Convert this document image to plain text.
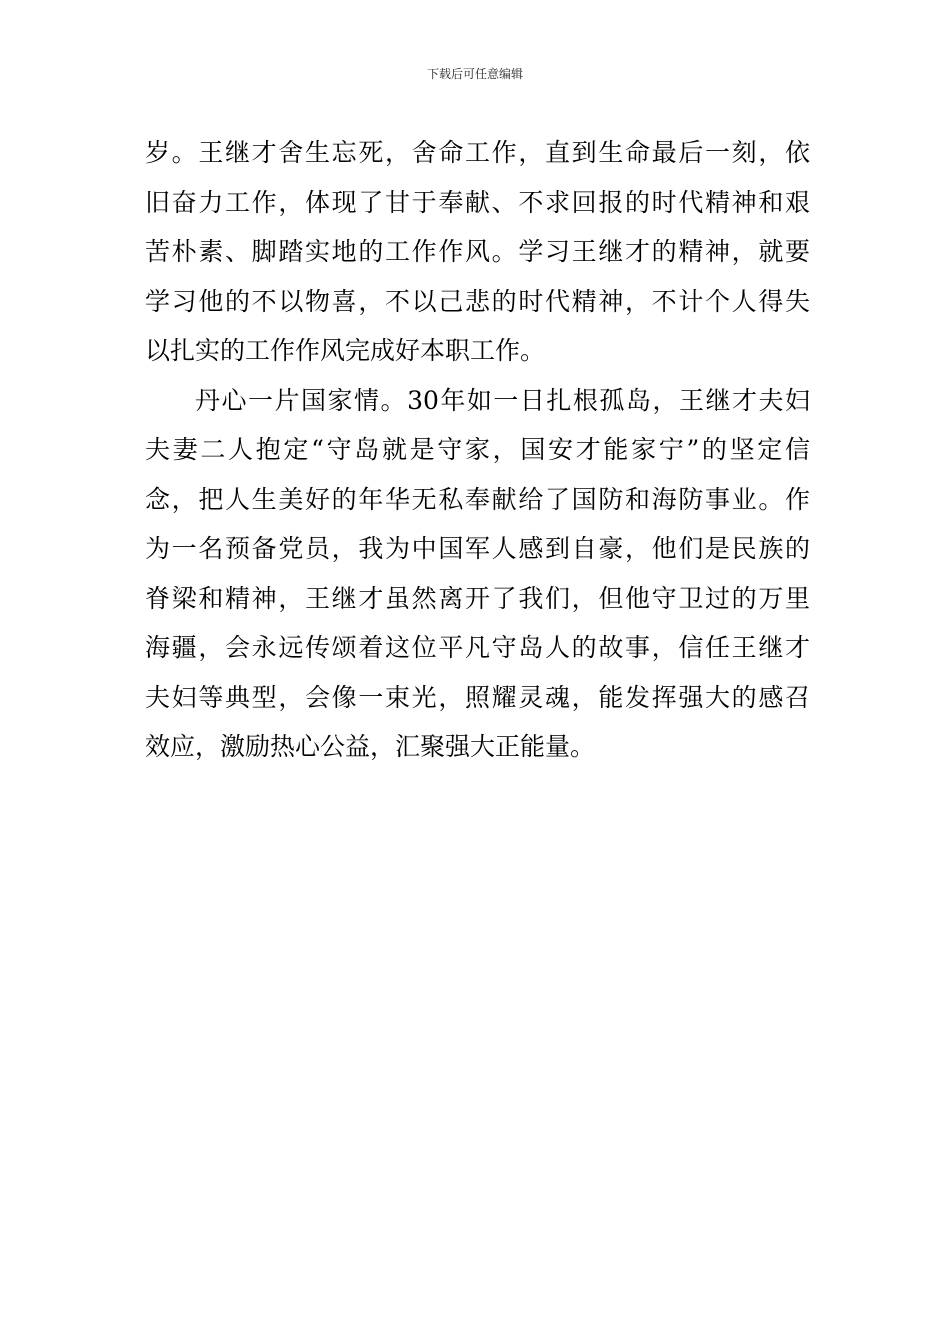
下载后可任意编辑
岁。王继才舍生忘死，舍命工作，直到生命最后一刻，依
旧奋力工作，体现了甘于奉献、不求回报的时代精神和艰
苦朴素、脚踏实地的工作作风。学习王继才的精神，就要
学习他的不以物喜，不以己悲的时代精神，不计个人得失
以扎实的工作作风完成好本职工作。
丹心一片国家情。30年如一日扎根孤岛，王继才夫妇
夫妻二人抱定“守岛就是守家，国安才能家宁”的坚定信
念，把人生美好的年华无私奉献给了国防和海防事业。作
为一名预备党员，我为中国军人感到自豪，他们是民族的
脊梁和精神，王继才虽然离开了我们，但他守卫过的万里
海疆，会永远传颂着这位平凡守岛人的故事，信任王继才
夫妇等典型，会像一束光，照耀灵魂，能发挥强大的感召
效应，激励热心公益，汇聚强大正能量。
